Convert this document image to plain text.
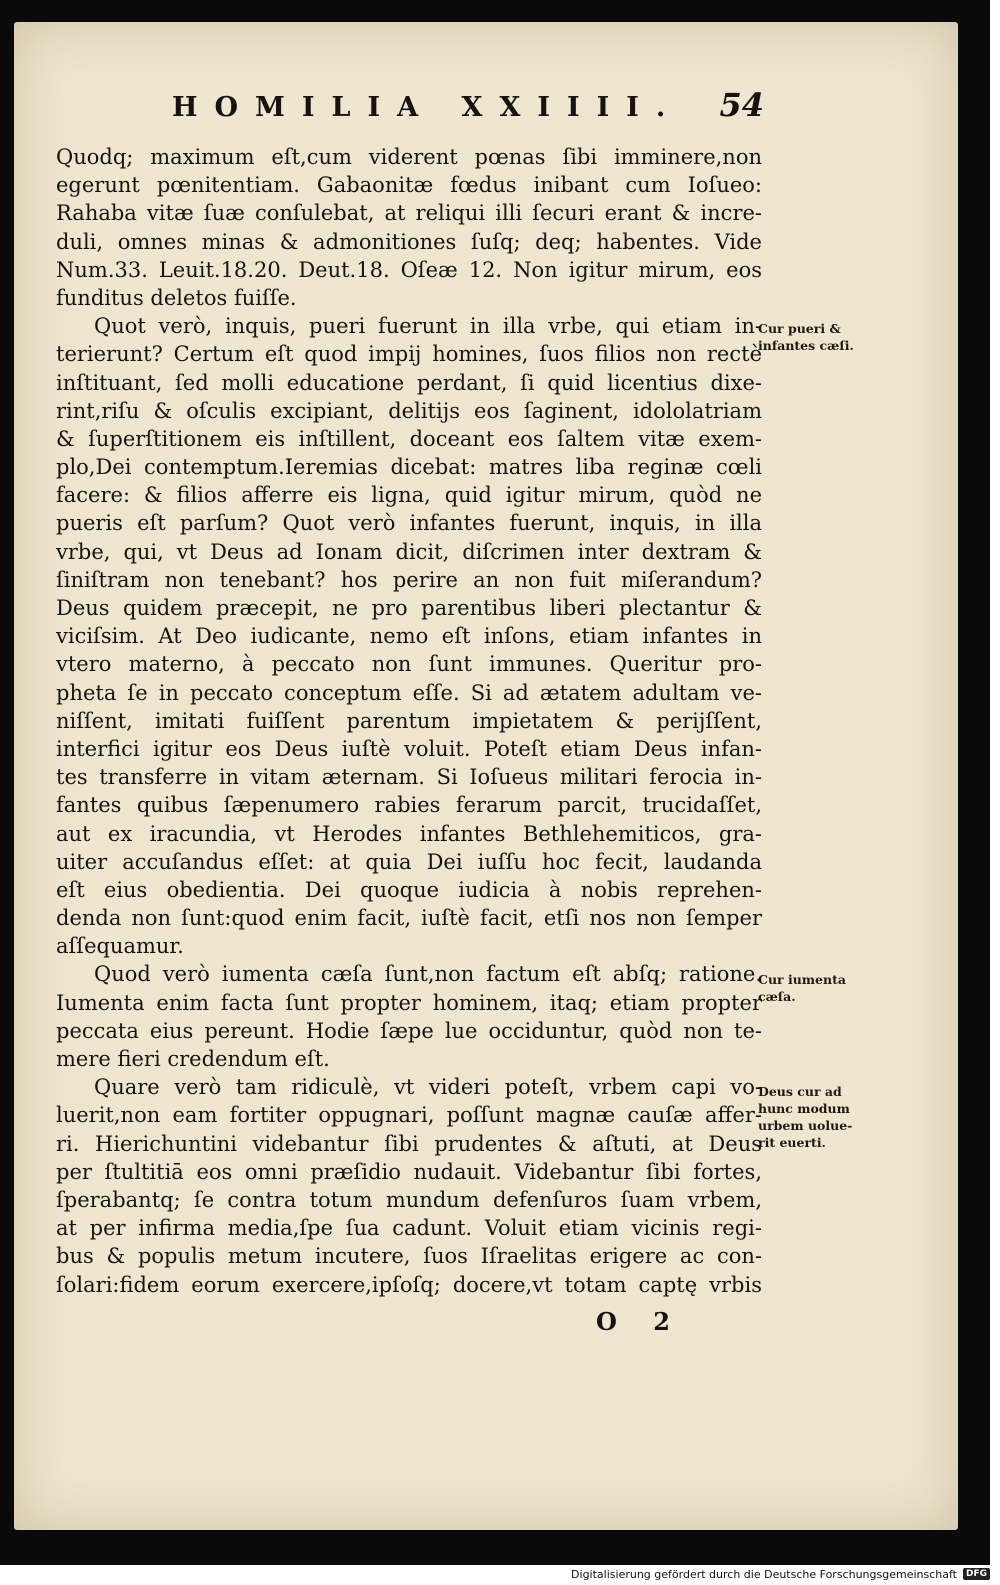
HOMILIA XXIIII. 54
Quodq; maximum eſt,cum viderent pœnas ſibi imminere,non
egerunt pœnitentiam. Gabaonitæ fœdus inibant cum Ioſueo:
Rahaba vitæ ſuæ conſulebat, at reliqui illi ſecuri erant & incre-
duli, omnes minas & admonitiones ſuſq; deq; habentes. Vide
Num.33. Leuit.18.20. Deut.18. Oſeæ 12. Non igitur mirum, eos
funditus deletos fuiſſe.
Quot verò, inquis, pueri fuerunt in illa vrbe, qui etiam in-
terierunt? Certum eſt quod impij homines, ſuos filios non rectè
inſtituant, ſed molli educatione perdant, ſi quid licentius dixe-
rint,riſu & oſculis excipiant, delitijs eos ſaginent, idololatriam
& ſuperſtitionem eis inſtillent, doceant eos ſaltem vitæ exem-
plo,Dei contemptum.Ieremias dicebat: matres liba reginæ cœli
facere: & filios afferre eis ligna, quid igitur mirum, quòd ne
pueris eſt parſum? Quot verò infantes fuerunt, inquis, in illa
vrbe, qui, vt Deus ad Ionam dicit, diſcrimen inter dextram &
ſiniſtram non tenebant? hos perire an non fuit miſerandum?
Deus quidem præcepit, ne pro parentibus liberi plectantur &
viciſsim. At Deo iudicante, nemo eſt inſons, etiam infantes in
vtero materno, à peccato non ſunt immunes. Queritur pro-
pheta ſe in peccato conceptum eſſe. Si ad ætatem adultam ve-
niſſent, imitati fuiſſent parentum impietatem & perijſſent,
interfici igitur eos Deus iuſtè voluit. Poteſt etiam Deus infan-
tes transferre in vitam æternam. Si Ioſueus militari ferocia in-
fantes quibus ſæpenumero rabies ferarum parcit, trucidaſſet,
aut ex iracundia, vt Herodes infantes Bethlehemiticos, gra-
uiter accuſandus eſſet: at quia Dei iuſſu hoc fecit, laudanda
eſt eius obedientia. Dei quoque iudicia à nobis reprehen-
denda non ſunt:quod enim facit, iuſtè facit, etſi nos non ſemper
aſſequamur.
Quod verò iumenta cæſa ſunt,non factum eſt abſq; ratione.
Iumenta enim facta ſunt propter hominem, itaq; etiam propter
peccata eius pereunt. Hodie ſæpe lue occiduntur, quòd non te-
mere fieri credendum eſt.
Quare verò tam ridiculè, vt videri poteſt, vrbem capi vo-
luerit,non eam fortiter oppugnari, poſſunt magnæ cauſæ affer-
ri. Hierichuntini videbantur ſibi prudentes & aſtuti, at Deus
per ſtultitiā eos omni præſidio nudauit. Videbantur ſibi fortes,
ſperabantq; ſe contra totum mundum defenſuros ſuam vrbem,
at per infirma media,ſpe ſua cadunt. Voluit etiam vicinis regi-
bus & populis metum incutere, ſuos Iſraelitas erigere ac con-
ſolari:fidem eorum exercere,ipſoſq; docere,vt totam captę vrbis
Cur pueri &
infantes cæſi.
Cur iumenta
cæſa.
Deus cur ad
hunc modum
urbem uolue-
rit euerti.
O 2
Digitalisierung gefördert durch die Deutsche Forschungsgemeinschaft	DFG
